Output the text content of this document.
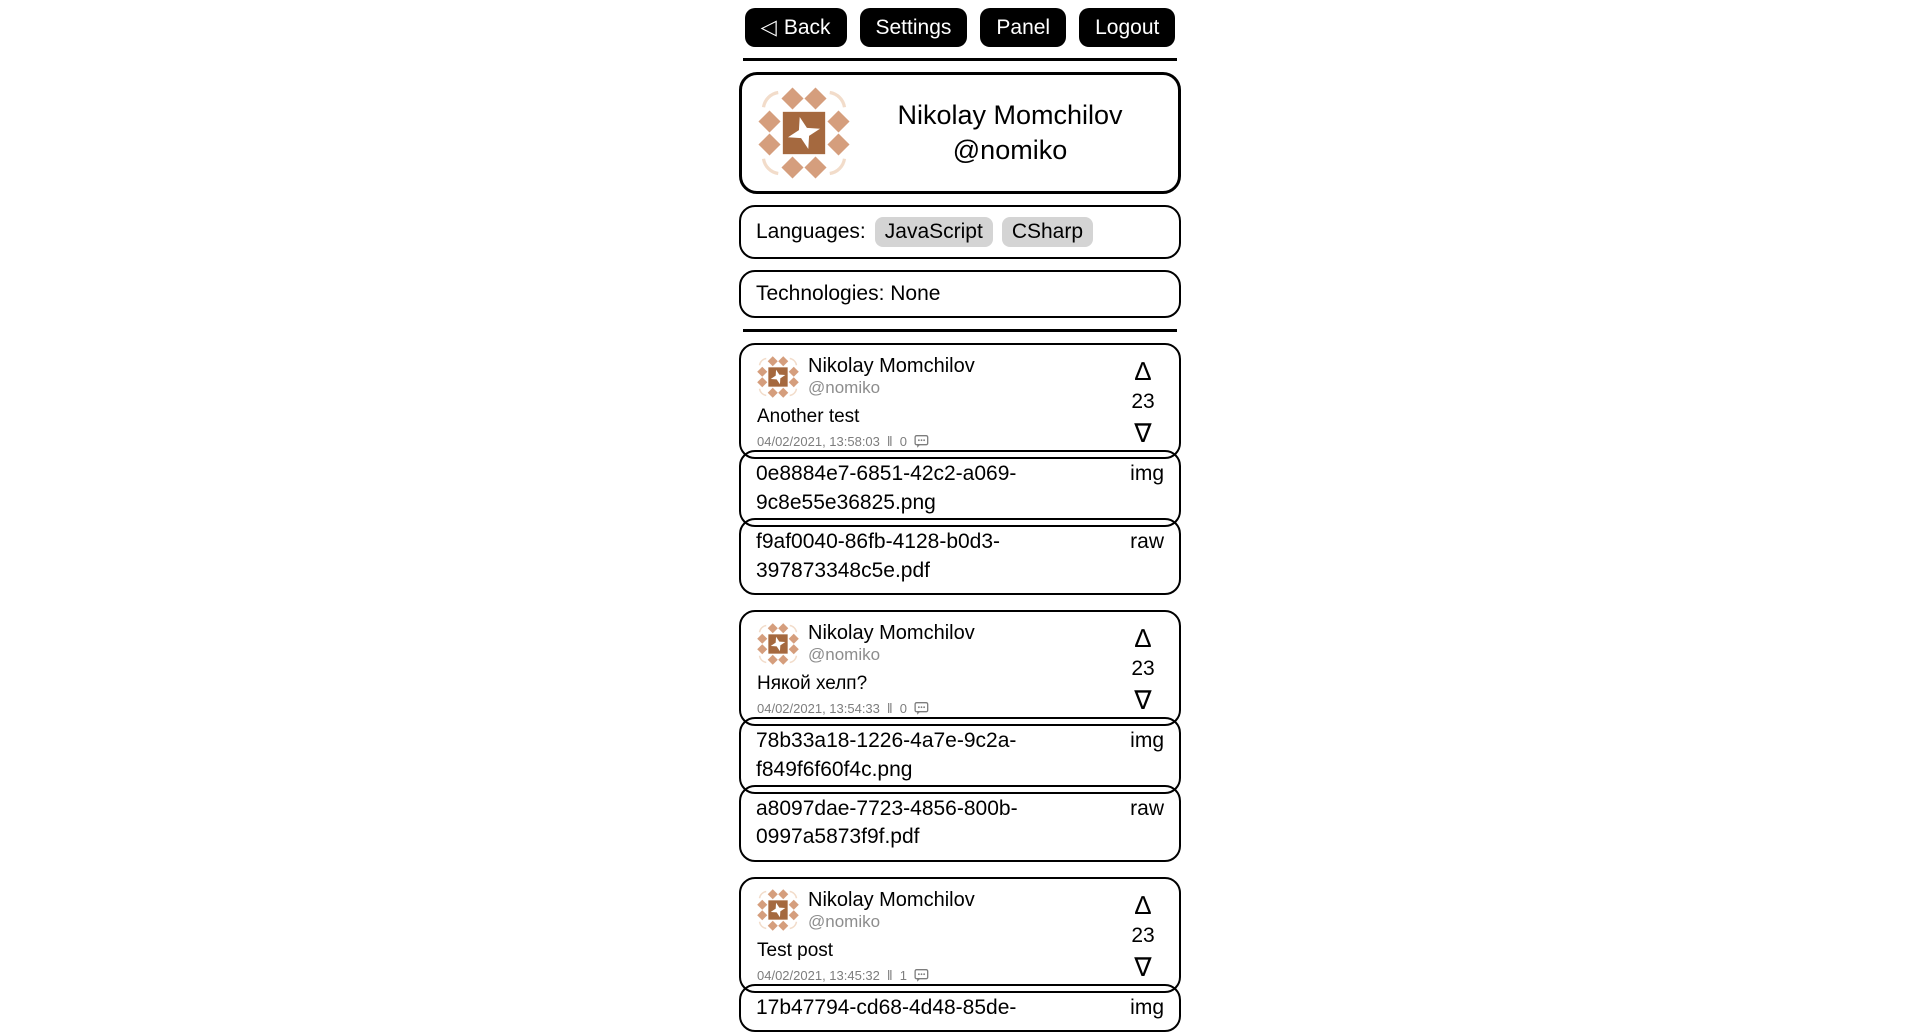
◁ Back	Settings	Panel	Logout
Nikolay Momchilov
@nomiko
Languages: JavaScript	CSharp
Technologies: None
Nikolay Momchilov
@nomiko
Another test
04/02/2021, 13:58:03 ‖ 0
∆
23
∇
0e8884e7-6851-42c2-a069-9c8e55e36825.png
img
f9af0040-86fb-4128-b0d3-397873348c5e.pdf
raw
Nikolay Momchilov
@nomiko
Някой хелп?
04/02/2021, 13:54:33 ‖ 0
∆
23
∇
78b33a18-1226-4a7e-9c2a-f849f6f60f4c.png
img
a8097dae-7723-4856-800b-0997a5873f9f.pdf
raw
Nikolay Momchilov
@nomiko
Test post
04/02/2021, 13:45:32 ‖ 1
∆
23
∇
17b47794-cd68-4d48-85de-	img
